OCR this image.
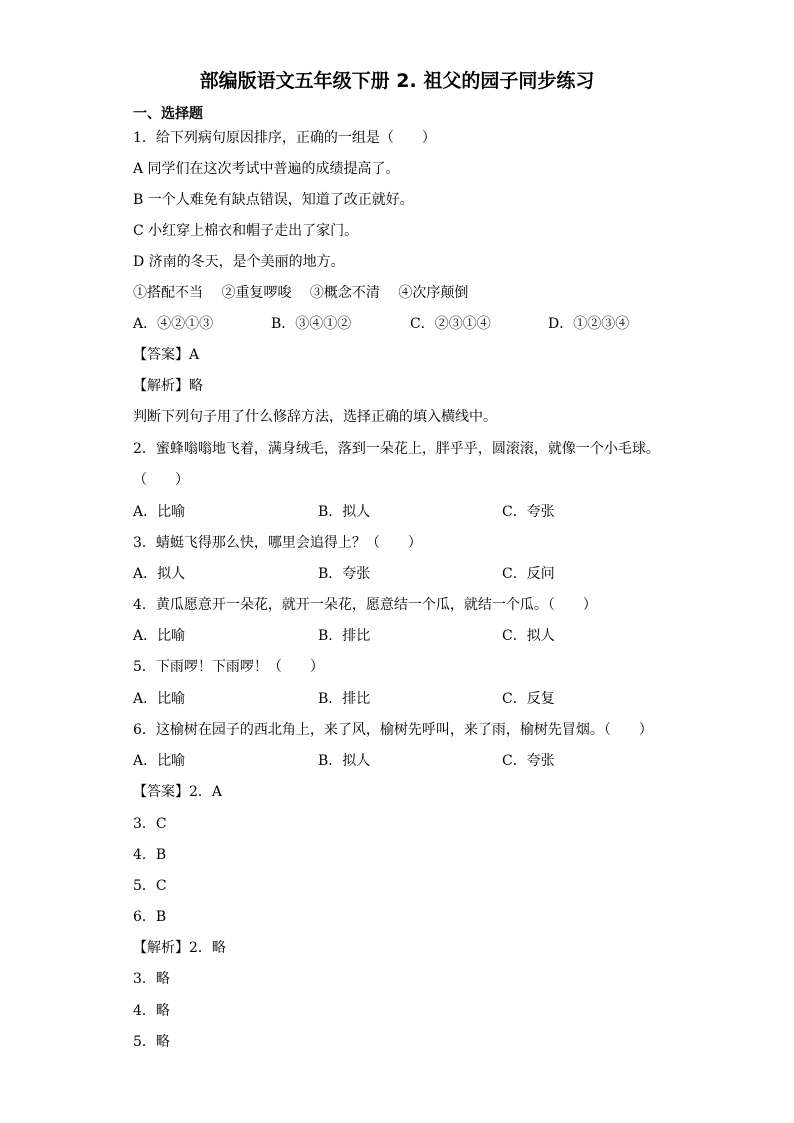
部编版语文五年级下册 2. 祖父的园子同步练习
一、选择题
1．给下列病句原因排序，正确的一组是（　　）
A 同学们在这次考试中普遍的成绩提高了。
B 一个人难免有缺点错误，知道了改正就好。
C 小红穿上棉衣和帽子走出了家门。
D 济南的冬天，是个美丽的地方。
①搭配不当　 ②重复啰唆　 ③概念不清　 ④次序颠倒
A．④②①③	B．③④①②	C．②③①④	D．①②③④
【答案】A
【解析】略
判断下列句子用了什么修辞方法，选择正确的填入横线中。
2．蜜蜂嗡嗡地飞着，满身绒毛，落到一朵花上，胖乎乎，圆滚滚，就像一个小毛球。
（　　）
A．比喻	B．拟人	C．夸张
3．蜻蜓飞得那么快，哪里会追得上？（　　）
A．拟人	B．夸张	C．反问
4．黄瓜愿意开一朵花，就开一朵花，愿意结一个瓜，就结一个瓜。（　　）
A．比喻	B．排比	C．拟人
5．下雨啰！下雨啰！（　　）
A．比喻	B．排比	C．反复
6．这榆树在园子的西北角上，来了风，榆树先呼叫，来了雨，榆树先冒烟。（　　）
A．比喻	B．拟人	C．夸张
【答案】2．A
3．C
4．B
5．C
6．B
【解析】2．略
3．略
4．略
5．略
